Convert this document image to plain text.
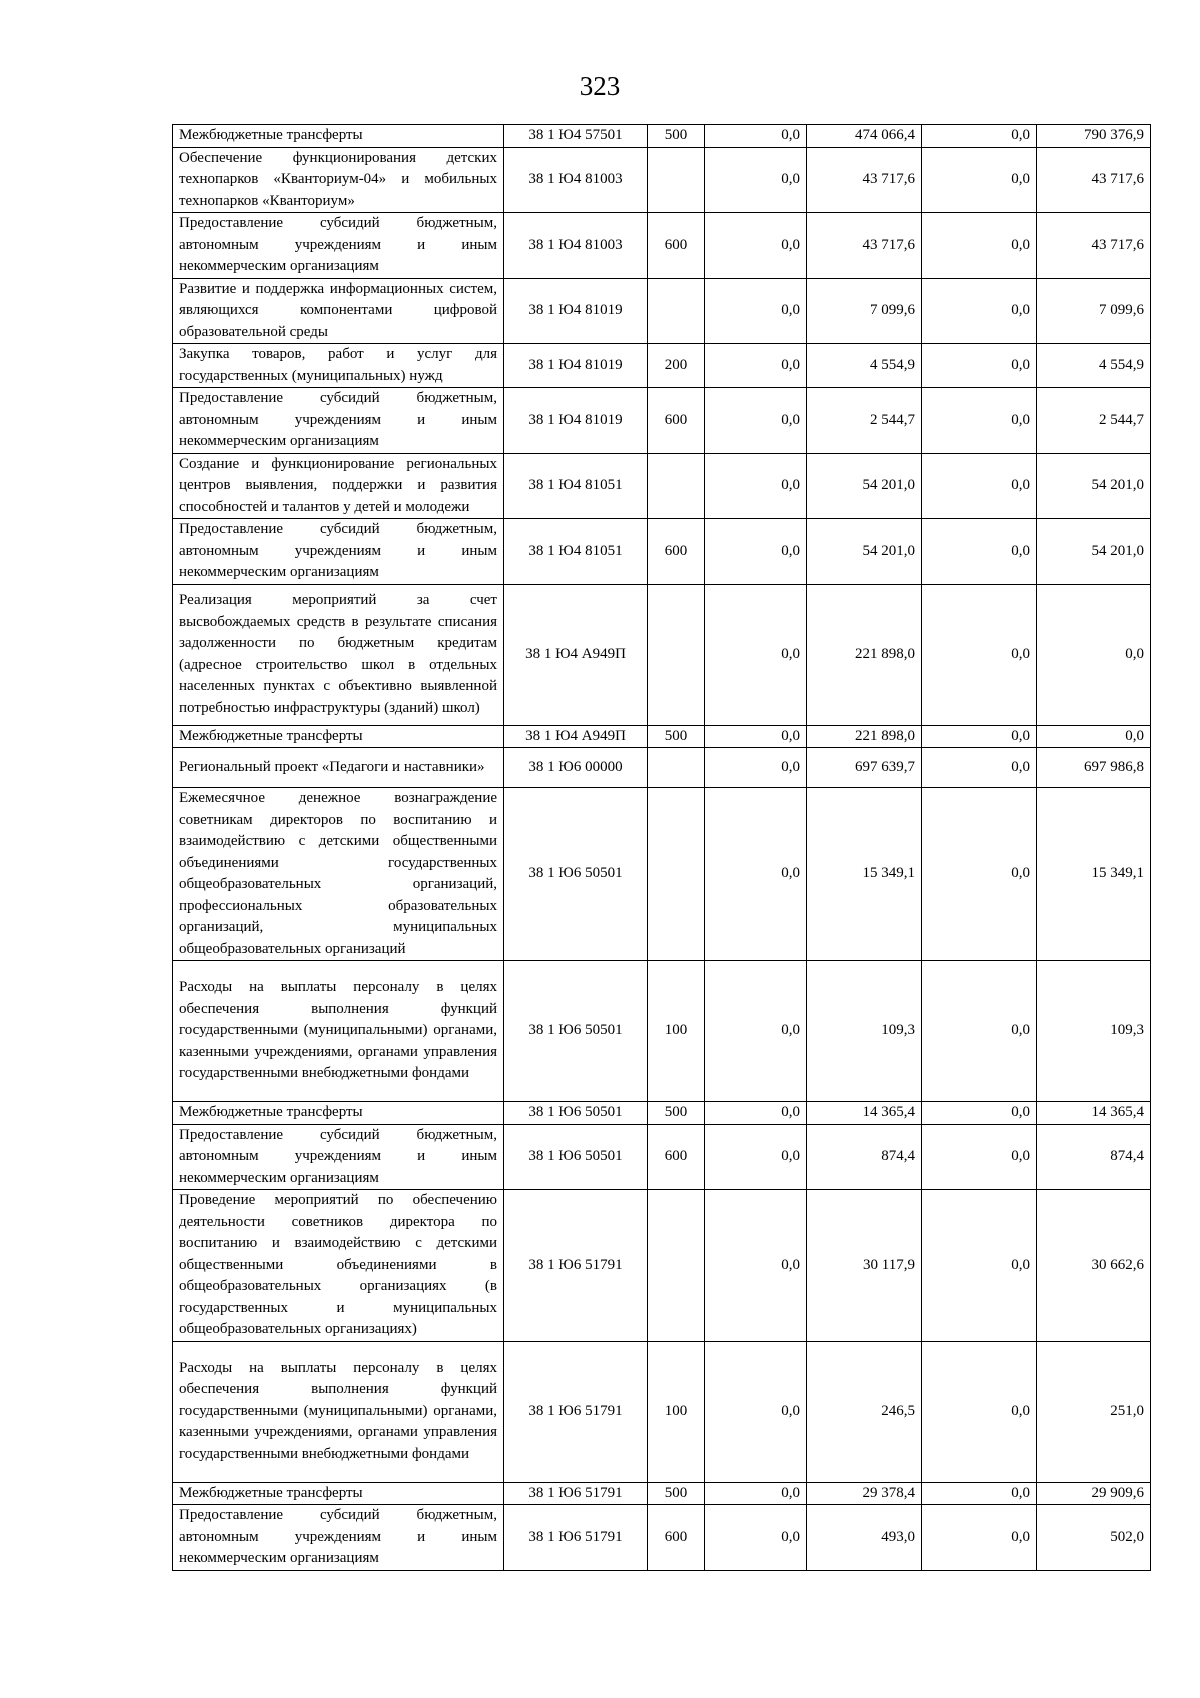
323
Межбюджетные трансферты	38 1 Ю4 57501	500	0,0	474 066,4	0,0	790 376,9
Обеспечение функционирования детских технопарков «Кванториум-04» и мобильных технопарков «Кванториум»	38 1 Ю4 81003		0,0	43 717,6	0,0	43 717,6
Предоставление субсидий бюджетным, автономным учреждениям и иным некоммерческим организациям	38 1 Ю4 81003	600	0,0	43 717,6	0,0	43 717,6
Развитие и поддержка информационных систем, являющихся компонентами цифровой образовательной среды	38 1 Ю4 81019		0,0	7 099,6	0,0	7 099,6
Закупка товаров, работ и услуг для государственных (муниципальных) нужд	38 1 Ю4 81019	200	0,0	4 554,9	0,0	4 554,9
Предоставление субсидий бюджетным, автономным учреждениям и иным некоммерческим организациям	38 1 Ю4 81019	600	0,0	2 544,7	0,0	2 544,7
Создание и функционирование региональных центров выявления, поддержки и развития способностей и талантов у детей и молодежи	38 1 Ю4 81051		0,0	54 201,0	0,0	54 201,0
Предоставление субсидий бюджетным, автономным учреждениям и иным некоммерческим организациям	38 1 Ю4 81051	600	0,0	54 201,0	0,0	54 201,0
Реализация мероприятий за счет высвобождаемых средств в результате списания задолженности по бюджетным кредитам (адресное строительство школ в отдельных населенных пунктах с объективно выявленной потребностью инфраструктуры (зданий) школ)	38 1 Ю4 А949П		0,0	221 898,0	0,0	0,0
Межбюджетные трансферты	38 1 Ю4 А949П	500	0,0	221 898,0	0,0	0,0
Региональный проект «Педагоги и наставники»	38 1 Ю6 00000		0,0	697 639,7	0,0	697 986,8
Ежемесячное денежное вознаграждение советникам директоров по воспитанию и взаимодействию с детскими общественными объединениями государственных общеобразовательных организаций, профессиональных образовательных организаций, муниципальных общеобразовательных организаций	38 1 Ю6 50501		0,0	15 349,1	0,0	15 349,1
Расходы на выплаты персоналу в целях обеспечения выполнения функций государственными (муниципальными) органами, казенными учреждениями, органами управления государственными внебюджетными фондами	38 1 Ю6 50501	100	0,0	109,3	0,0	109,3
Межбюджетные трансферты	38 1 Ю6 50501	500	0,0	14 365,4	0,0	14 365,4
Предоставление субсидий бюджетным, автономным учреждениям и иным некоммерческим организациям	38 1 Ю6 50501	600	0,0	874,4	0,0	874,4
Проведение мероприятий по обеспечению деятельности советников директора по воспитанию и взаимодействию с детскими общественными объединениями в общеобразовательных организациях (в государственных и муниципальных общеобразовательных организациях)	38 1 Ю6 51791		0,0	30 117,9	0,0	30 662,6
Расходы на выплаты персоналу в целях обеспечения выполнения функций государственными (муниципальными) органами, казенными учреждениями, органами управления государственными внебюджетными фондами	38 1 Ю6 51791	100	0,0	246,5	0,0	251,0
Межбюджетные трансферты	38 1 Ю6 51791	500	0,0	29 378,4	0,0	29 909,6
Предоставление субсидий бюджетным, автономным учреждениям и иным некоммерческим организациям	38 1 Ю6 51791	600	0,0	493,0	0,0	502,0
